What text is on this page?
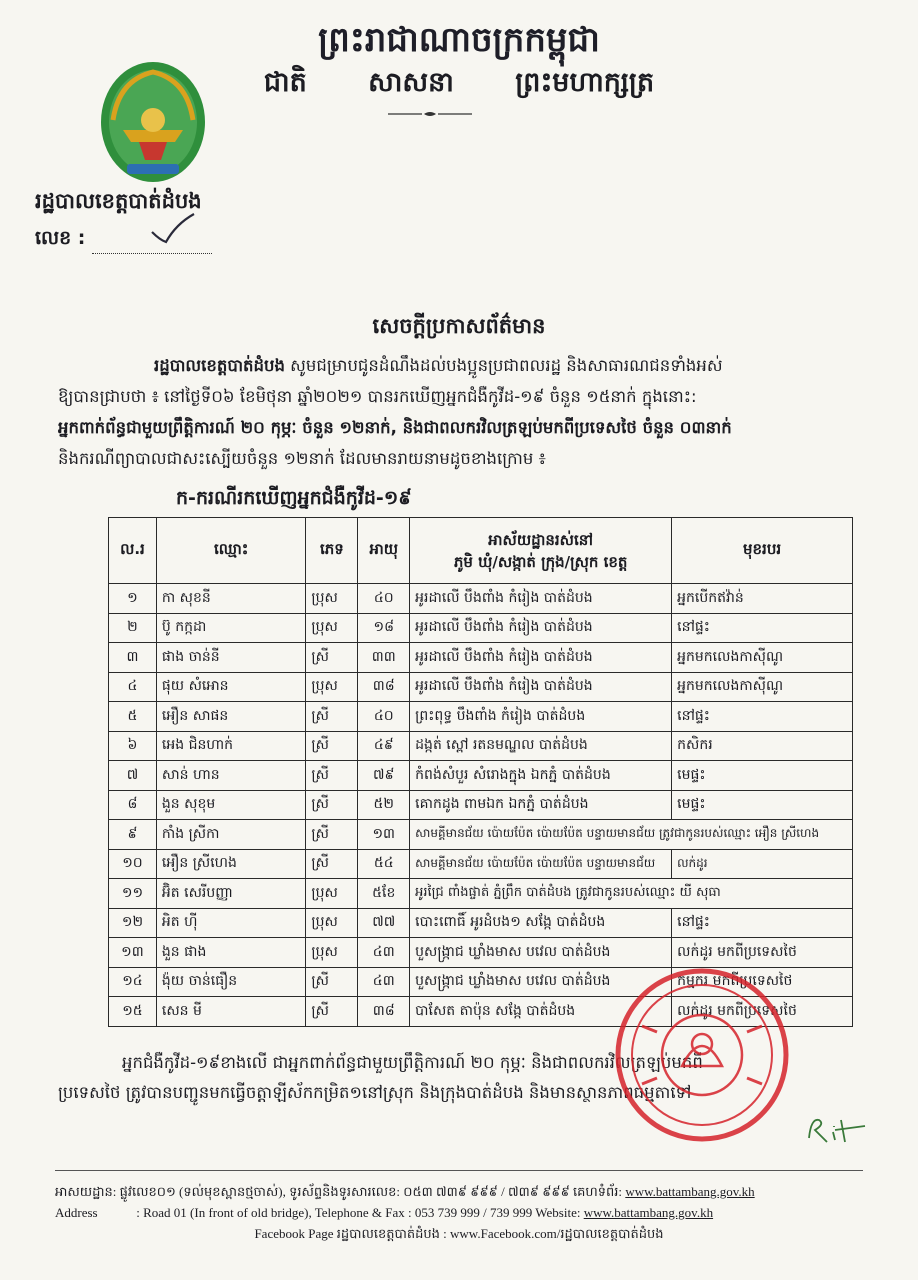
ព្រះរាជាណាចក្រកម្ពុជា
ជាតិ សាសនា ព្រះមហាក្សត្រ
រដ្ឋបាលខេត្តបាត់ដំបង
លេខ :
សេចក្តីប្រកាសព័ត៌មាន
រដ្ឋបាលខេត្តបាត់ដំបង សូមជម្រាបជូនដំណឹងដល់បងប្អូនប្រជាពលរដ្ឋ និងសាធារណជនទាំងអស់
ឱ្យបានជ្រាបថា ៖ នៅថ្ងៃទី០៦ ខែមិថុនា ឆ្នាំ២០២១ បានរកឃើញអ្នកជំងឺកូវីដ-១៩ ចំនួន ១៥នាក់ ក្នុងនោះ:
អ្នកពាក់ព័ន្ធជាមួយព្រឹត្តិការណ៍ ២០ កុម្ភៈ ចំនួន ១២នាក់, និងជាពលករវិលត្រឡប់មកពីប្រទេសថៃ ចំនួន ០៣នាក់
និងករណីព្យាបាលជាសះស្បើយចំនួន ១២នាក់ ដែលមានរាយនាមដូចខាងក្រោម ៖
ក-ករណីរកឃើញអ្នកជំងឺកូវីដ-១៩
ល.រ	ឈ្មោះ	ភេទ	អាយុ	អាស័យដ្ឋានរស់នៅ
ភូមិ ឃុំ/សង្កាត់ ក្រុង/ស្រុក ខេត្ត	មុខរបរ
១	កា សុខនី	ប្រុស	៤០	អូរដាលើ បឹងពាំង កំរៀង បាត់ដំបង	អ្នកបើកឥវ៉ាន់
២	ប៊ូ កក្កដា	ប្រុស	១៨	អូរដាលើ បឹងពាំង កំរៀង បាត់ដំបង	នៅផ្ទះ
៣	ផាង ចាន់នី	ស្រី	៣៣	អូរដាលើ បឹងពាំង កំរៀង បាត់ដំបង	អ្នកមកលេងកាស៊ីណូ
៤	ផុយ សំអោន	ប្រុស	៣៨	អូរដាលើ បឹងពាំង កំរៀង បាត់ដំបង	អ្នកមកលេងកាស៊ីណូ
៥	អឿន សាផន	ស្រី	៤០	ព្រះពុទ្ធ បឹងពាំង កំរៀង បាត់ដំបង	នៅផ្ទះ
៦	អេង ជិនហាក់	ស្រី	៤៩	ដង្កត់ ស្ពៅ រតនមណ្ឌល បាត់ដំបង	កសិករ
៧	សាន់ ហាន	ស្រី	៧៩	កំពង់សំបួរ សំរោងក្នុង ឯកភ្នំ បាត់ដំបង	មេផ្ទះ
៨	ងួន សុខុម	ស្រី	៥២	គោកដូង ពាមឯក ឯកភ្នំ បាត់ដំបង	មេផ្ទះ
៩	កាំង ស្រីកា	ស្រី	១៣	សាមគ្គីមានជ័យ ប៉ោយប៉ែត ប៉ោយប៉ែត បន្ទាយមានជ័យ ត្រូវជាកូនរបស់ឈ្មោះ អឿន ស្រីហេង	
១០	អឿន ស្រីហេង	ស្រី	៥៤	សាមគ្គីមានជ័យ ប៉ោយប៉ែត ប៉ោយប៉ែត បន្ទាយមានជ័យ	លក់ដូរ
១១	អ៊ិត សេរីបញ្ញា	ប្រុស	៥ខែ	អូរជ្រៃ ពាំងផ្ចាត់ ភ្នំព្រឹក បាត់ដំបង ត្រូវជាកូនរបស់ឈ្មោះ យី សុធា	
១២	អិត ហ៊ី	ប្រុស	៧៧	បោះពោធិ៍ អូរដំបង១ សង្កែ បាត់ដំបង	នៅផ្ទះ
១៣	ងួន ផាង	ប្រុស	៤៣	បួសង្ក្រាជ ឃ្លាំងមាស បវេល បាត់ដំបង	លក់ដូរ មកពីប្រទេសថៃ
១៤	ង៉ុយ ចាន់ធឿន	ស្រី	៤៣	បួសង្ក្រាជ ឃ្លាំងមាស បវេល បាត់ដំបង	កម្មករ មកពីប្រទេសថៃ
១៥	សេន មី	ស្រី	៣៨	បាសែត តាប៉ុន សង្កែ បាត់ដំបង	លក់ដូរ មកពីប្រទេសថៃ
អ្នកជំងឺកូវីដ-១៩ខាងលើ ជាអ្នកពាក់ព័ន្ធជាមួយព្រឹត្តិការណ៍ ២០ កុម្ភៈ និងជាពលករវិលត្រឡប់មកពី
ប្រទេសថៃ ត្រូវបានបញ្ជូនមកធ្វើចត្តាឡីស័កកម្រិត១នៅស្រុក និងក្រុងបាត់ដំបង និងមានស្ថានភាពធម្មតាទៅ
អាសយដ្ឋាន: ផ្លូវលេខ០១ (ទល់មុខស្ពានថ្មចាស់), ទូរស័ព្ទនិងទូរសារលេខ: ០៥៣ ៧៣៩ ៩៩៩ / ៧៣៩ ៩៩៩ គេហទំព័រ: www.battambang.gov.kh
Address	: Road 01 (In front of old bridge), Telephone & Fax : 053 739 999 / 739 999 Website: www.battambang.gov.kh
Facebook Page រដ្ឋបាលខេត្តបាត់ដំបង : www.Facebook.com/រដ្ឋបាលខេត្តបាត់ដំបង
